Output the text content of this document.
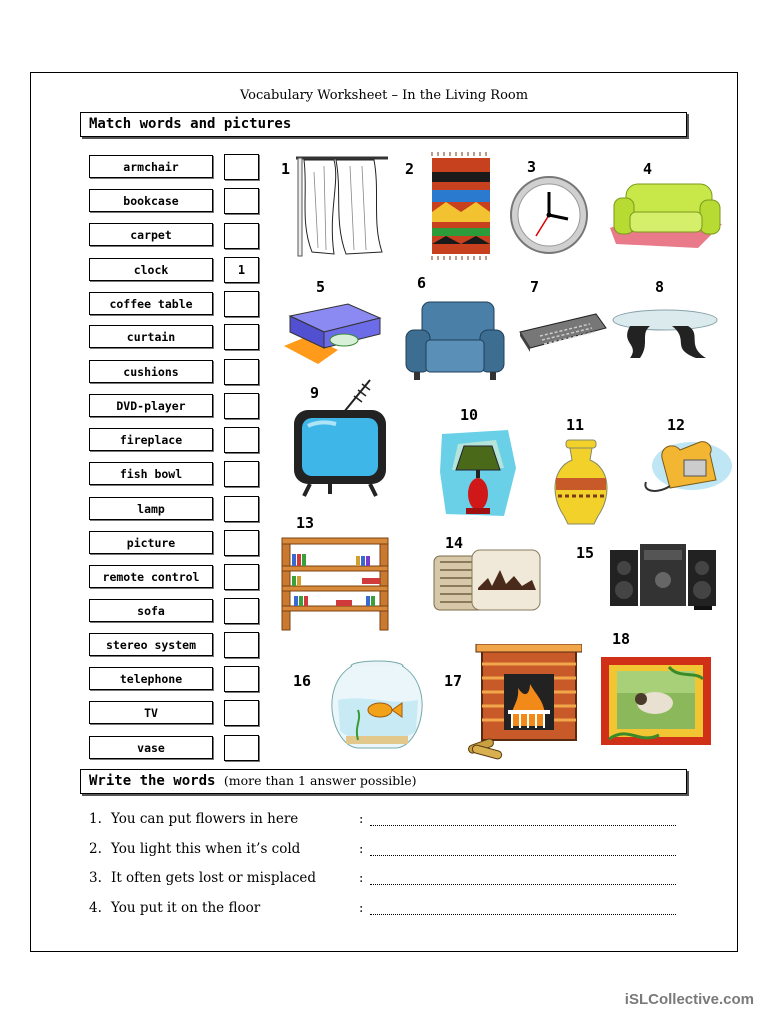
Vocabulary Worksheet – In the Living Room
Match words and pictures
armchair
bookcase
carpet
clock	1
coffee table
curtain
cushions
DVD-player
fireplace
fish bowl
lamp
picture
remote control
sofa
stereo system
telephone
TV
vase
1	2	3	4
5	6	7	8
9
10
11	12
13
14
15
16	17
18
Write the words (more than 1 answer possible)
1. You can put flowers in here	:
2. You light this when it’s cold	:
3. It often gets lost or misplaced	:
4. You put it on the floor	:
iSLCollective.com
